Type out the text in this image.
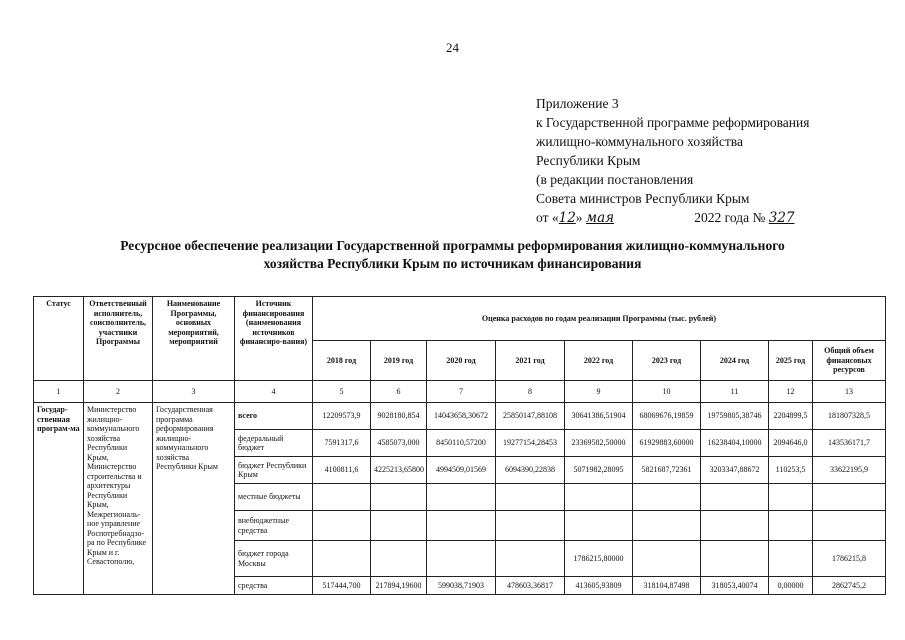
24
Приложение 3
к Государственной программе реформирования
жилищно-коммунального хозяйства
Республики Крым
(в редакции постановления
Совета министров Республики Крым
от «12» мая	2022 года № 327
Ресурсное обеспечение реализации Государственной программы реформирования жилищно-коммунального
хозяйства Республики Крым по источникам финансирования
Статус	Ответственный исполнитель, соисполнитель, участники Программы	Наименование Программы, основных мероприятий, мероприятий	Источник финансирования (наименования источников финансиро-вания)	Оценка расходов по годам реализации Программы (тыс. рублей)								
				2018 год	2019 год	2020 год	2021 год	2022 год	2023 год	2024 год	2025 год	Общий объем финансовых ресурсов
1	2	3	4	5	6	7	8	9	10	11	12	13
Государ-ственная програм-ма	Министерство жилищно-коммунального хозяйства Республики Крым, Министерство строительства и архитектуры Республики Крым, Межрегиональ-ное управление Роспотребнадзо-ра по Республике Крым и г. Севастополю,	Государственная программа реформирования жилищно-коммунального хозяйства Республики Крым	всего	12209573,9	9028180,854	14043658,30672	25850147,88108	30641386,51904	68069676,19859	19759805,38746	2204899,5	181807328,5
			федеральный бюджет	7591317,6	4585073,000	8450110,57200	19277154,28453	23369582,50000	61929883,60000	16238404,10000	2094646,0	143536171,7
			бюджет Республики Крым	4100811,6	4225213,65800	4994509,01569	6094390,22838	5071982,28095	5821687,72361	3203347,88672	110253,5	33622195,9
			местные бюджеты									
			внебюджетные средства									
			бюджет города Москвы					1786215,80000				1786215,8
			средства	517444,700	217894,19600	599038,71903	478603,36817	413605,93809	318104,87498	318053,40074	0,00000	2862745,2
